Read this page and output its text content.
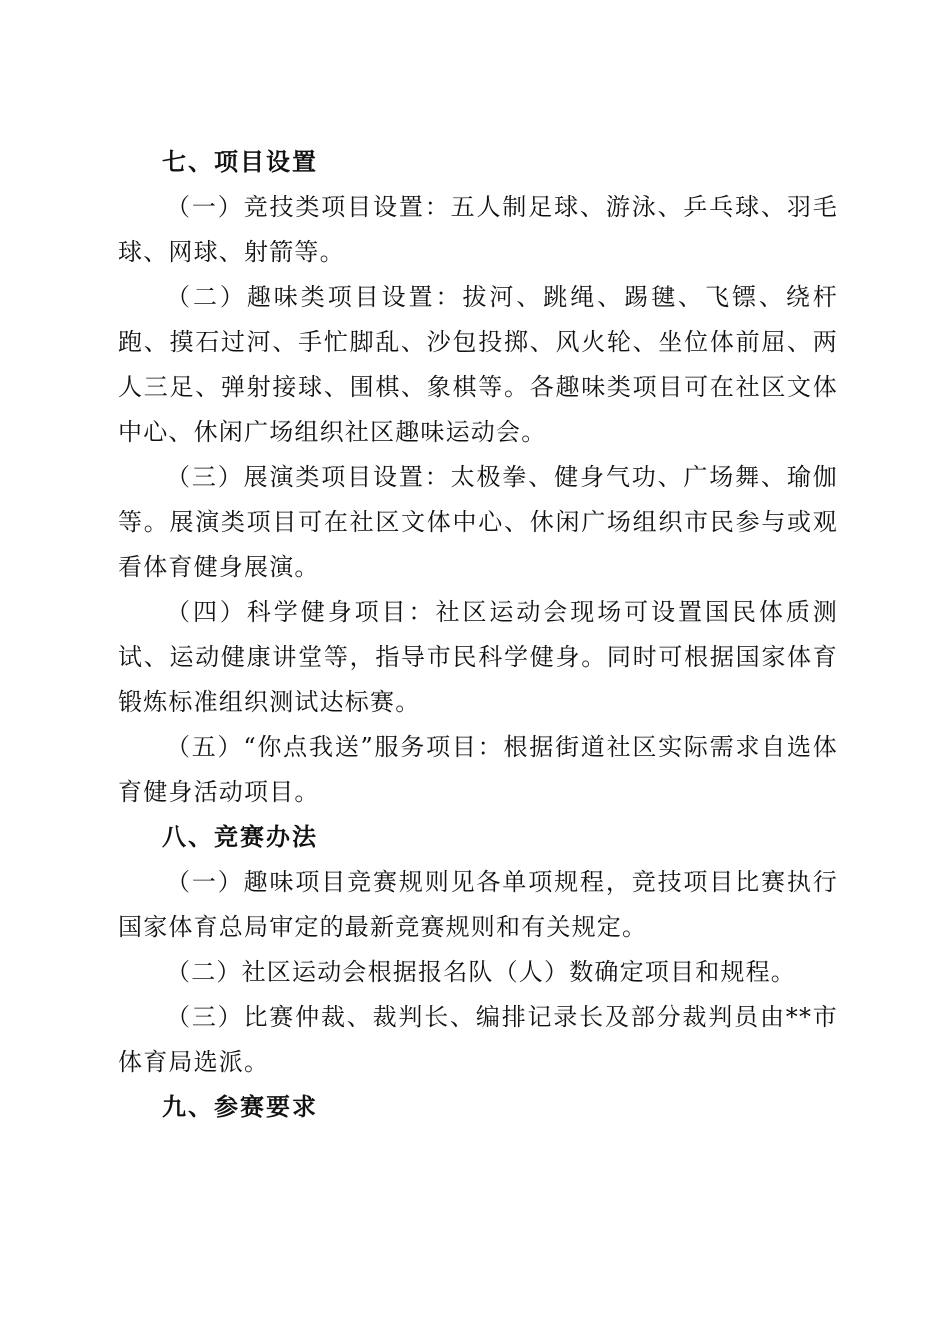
七、项目设置

（一）竞技类项目设置：五人制足球、游泳、乒乓球、羽毛球、网球、射箭等。

（二）趣味类项目设置：拔河、跳绳、踢毽、飞镖、绕杆跑、摸石过河、手忙脚乱、沙包投掷、风火轮、坐位体前屈、两人三足、弹射接球、围棋、象棋等。各趣味类项目可在社区文体中心、休闲广场组织社区趣味运动会。

（三）展演类项目设置：太极拳、健身气功、广场舞、瑜伽等。展演类项目可在社区文体中心、休闲广场组织市民参与或观看体育健身展演。

（四）科学健身项目：社区运动会现场可设置国民体质测试、运动健康讲堂等，指导市民科学健身。同时可根据国家体育锻炼标准组织测试达标赛。

（五）“你点我送”服务项目：根据街道社区实际需求自选体育健身活动项目。

八、竞赛办法

（一）趣味项目竞赛规则见各单项规程，竞技项目比赛执行国家体育总局审定的最新竞赛规则和有关规定。

（二）社区运动会根据报名队（人）数确定项目和规程。

（三）比赛仲裁、裁判长、编排记录长及部分裁判员由**市体育局选派。

九、参赛要求
